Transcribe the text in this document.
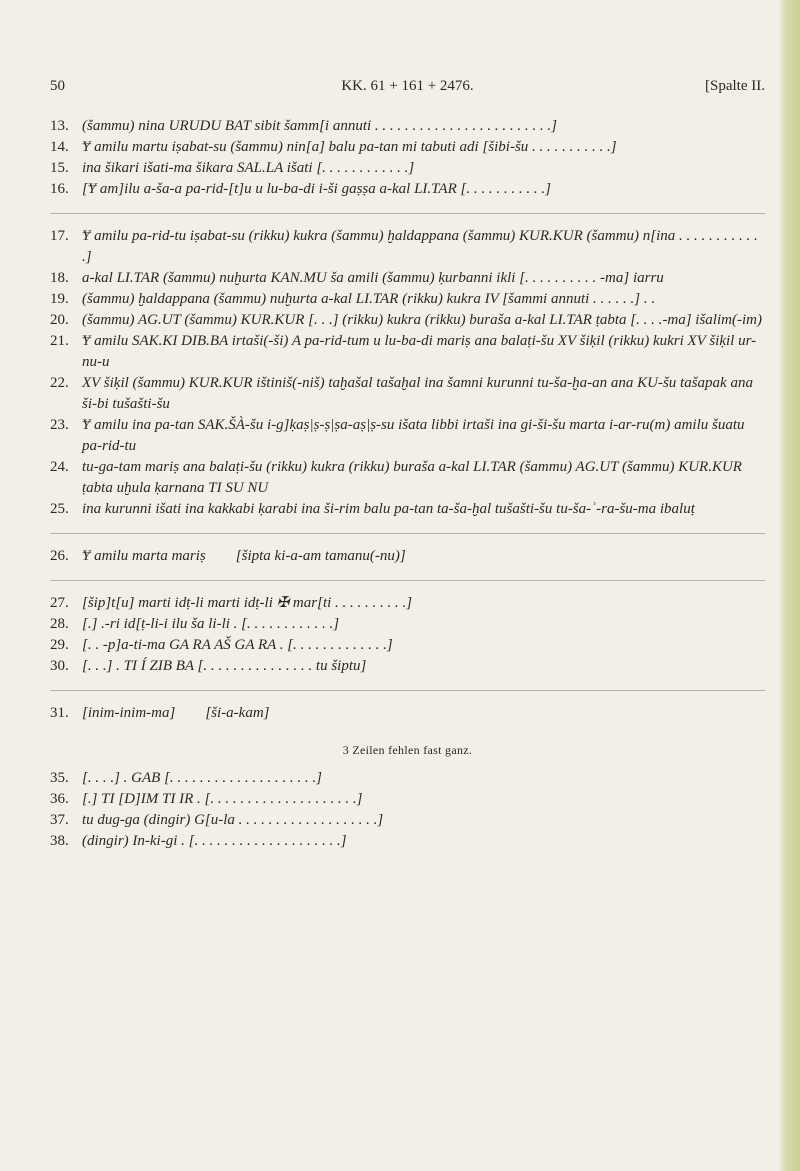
50	KK. 61 + 161 + 2476.	[Spalte II.
13. (šammu) nina URUDU BAT sibit šamm[i annuti . . . . . . . . . . . . . . . . . . . . . . . .]
14. Ɏ amilu martu iṣabat-su (šammu) nin[a] balu pa-tan mi tabuti adi [šibi-šu . . . . . . . . . . .]
15. ina šikari išati-ma šikara SAL.LA išati [. . . . . . . . . . . .]
16. [Ɏ am]ilu a-ša-a pa-rid-[t]u u lu-ba-di i-ši gaṣṣa a-kal LI.TAR [. . . . . . . . . . .]
17. Ɏ amilu pa-rid-tu iṣabat-su (rikku) kukra (šammu) ḫaldappana (šammu) KUR.KUR (šammu) n[ina . . . . . . . . . . . .]
18. a-kal LI.TAR (šammu) nuḫurta KAN.MU ša amili (šammu) ḳurbanni ikli [. . . . . . . . . . -ma] iarru
19. (šammu) ḫaldappana (šammu) nuḫurta a-kal LI.TAR (rikku) kukra IV [šammi annuti . . . . . .] . .
20. (šammu) AG.UT (šammu) KUR.KUR [. . .] (rikku) kukra (rikku) buraša a-kal LI.TAR ṭabta [. . . .-ma] išalim(-im)
21. Ɏ amilu SAK.KI DIB.BA irtaši(-ši) A pa-rid-tum u lu-ba-di mariṣ ana balaṭi-šu XV šiḳil (rikku) kukri XV šiḳil ur-nu-u
22. XV šiḳil (šammu) KUR.KUR ištiniš(-niš) taḫašal tašaḫal ina šamni kurunni tu-ša-ḫa-an ana KU-šu tašapak ana ši-bi tušašti-šu
23. Ɏ amilu ina pa-tan SAK.ŠÀ-šu i-g]ḳaṣ|ṣ-ṣ|ṣa-aṣ|ṣ-su išata libbi irtaši ina gi-ši-šu marta i-ar-ru(m) amilu šuatu pa-rid-tu
24. tu-ga-tam mariṣ ana balaṭi-šu (rikku) kukra (rikku) buraša a-kal LI.TAR (šammu) AG.UT (šammu) KUR.KUR ṭabta uḫula ḳarnana TI SU NU
25. ina kurunni išati ina kakkabi ḳarabi ina ši-rim balu pa-tan ta-ša-ḫal tušašti-šu tu-ša-ʾ-ra-šu-ma ibaluṭ
26. Ɏ amilu marta mariṣ        [šipta ki-a-am tamanu(-nu)]
27. [šip]t[u] marti idṭ-li marti idṭ-li ✠ mar[ti . . . . . . . . . .]
28. [.] .-ri id[ṭ-li-i ilu ša li-li . [. . . . . . . . . . . .]
29. [. . -p]a-ti-ma GA RA AŠ GA RA . [. . . . . . . . . . . . .]
30. [. . .] . TI Í ZIB BA [. . . . . . . . . . . . . . . tu šiptu]
31. [inim-inim-ma]        [ši-a-kam]
3 Zeilen fehlen fast ganz.
35. [. . . .] . GAB [. . . . . . . . . . . . . . . . . . . .]
36. [.] TI [D]IM TI IR . [. . . . . . . . . . . . . . . . . . . .]
37. tu dug-ga (dingir) G[u-la . . . . . . . . . . . . . . . . . . .]
38. (dingir) In-ki-gi . [. . . . . . . . . . . . . . . . . . . .]
